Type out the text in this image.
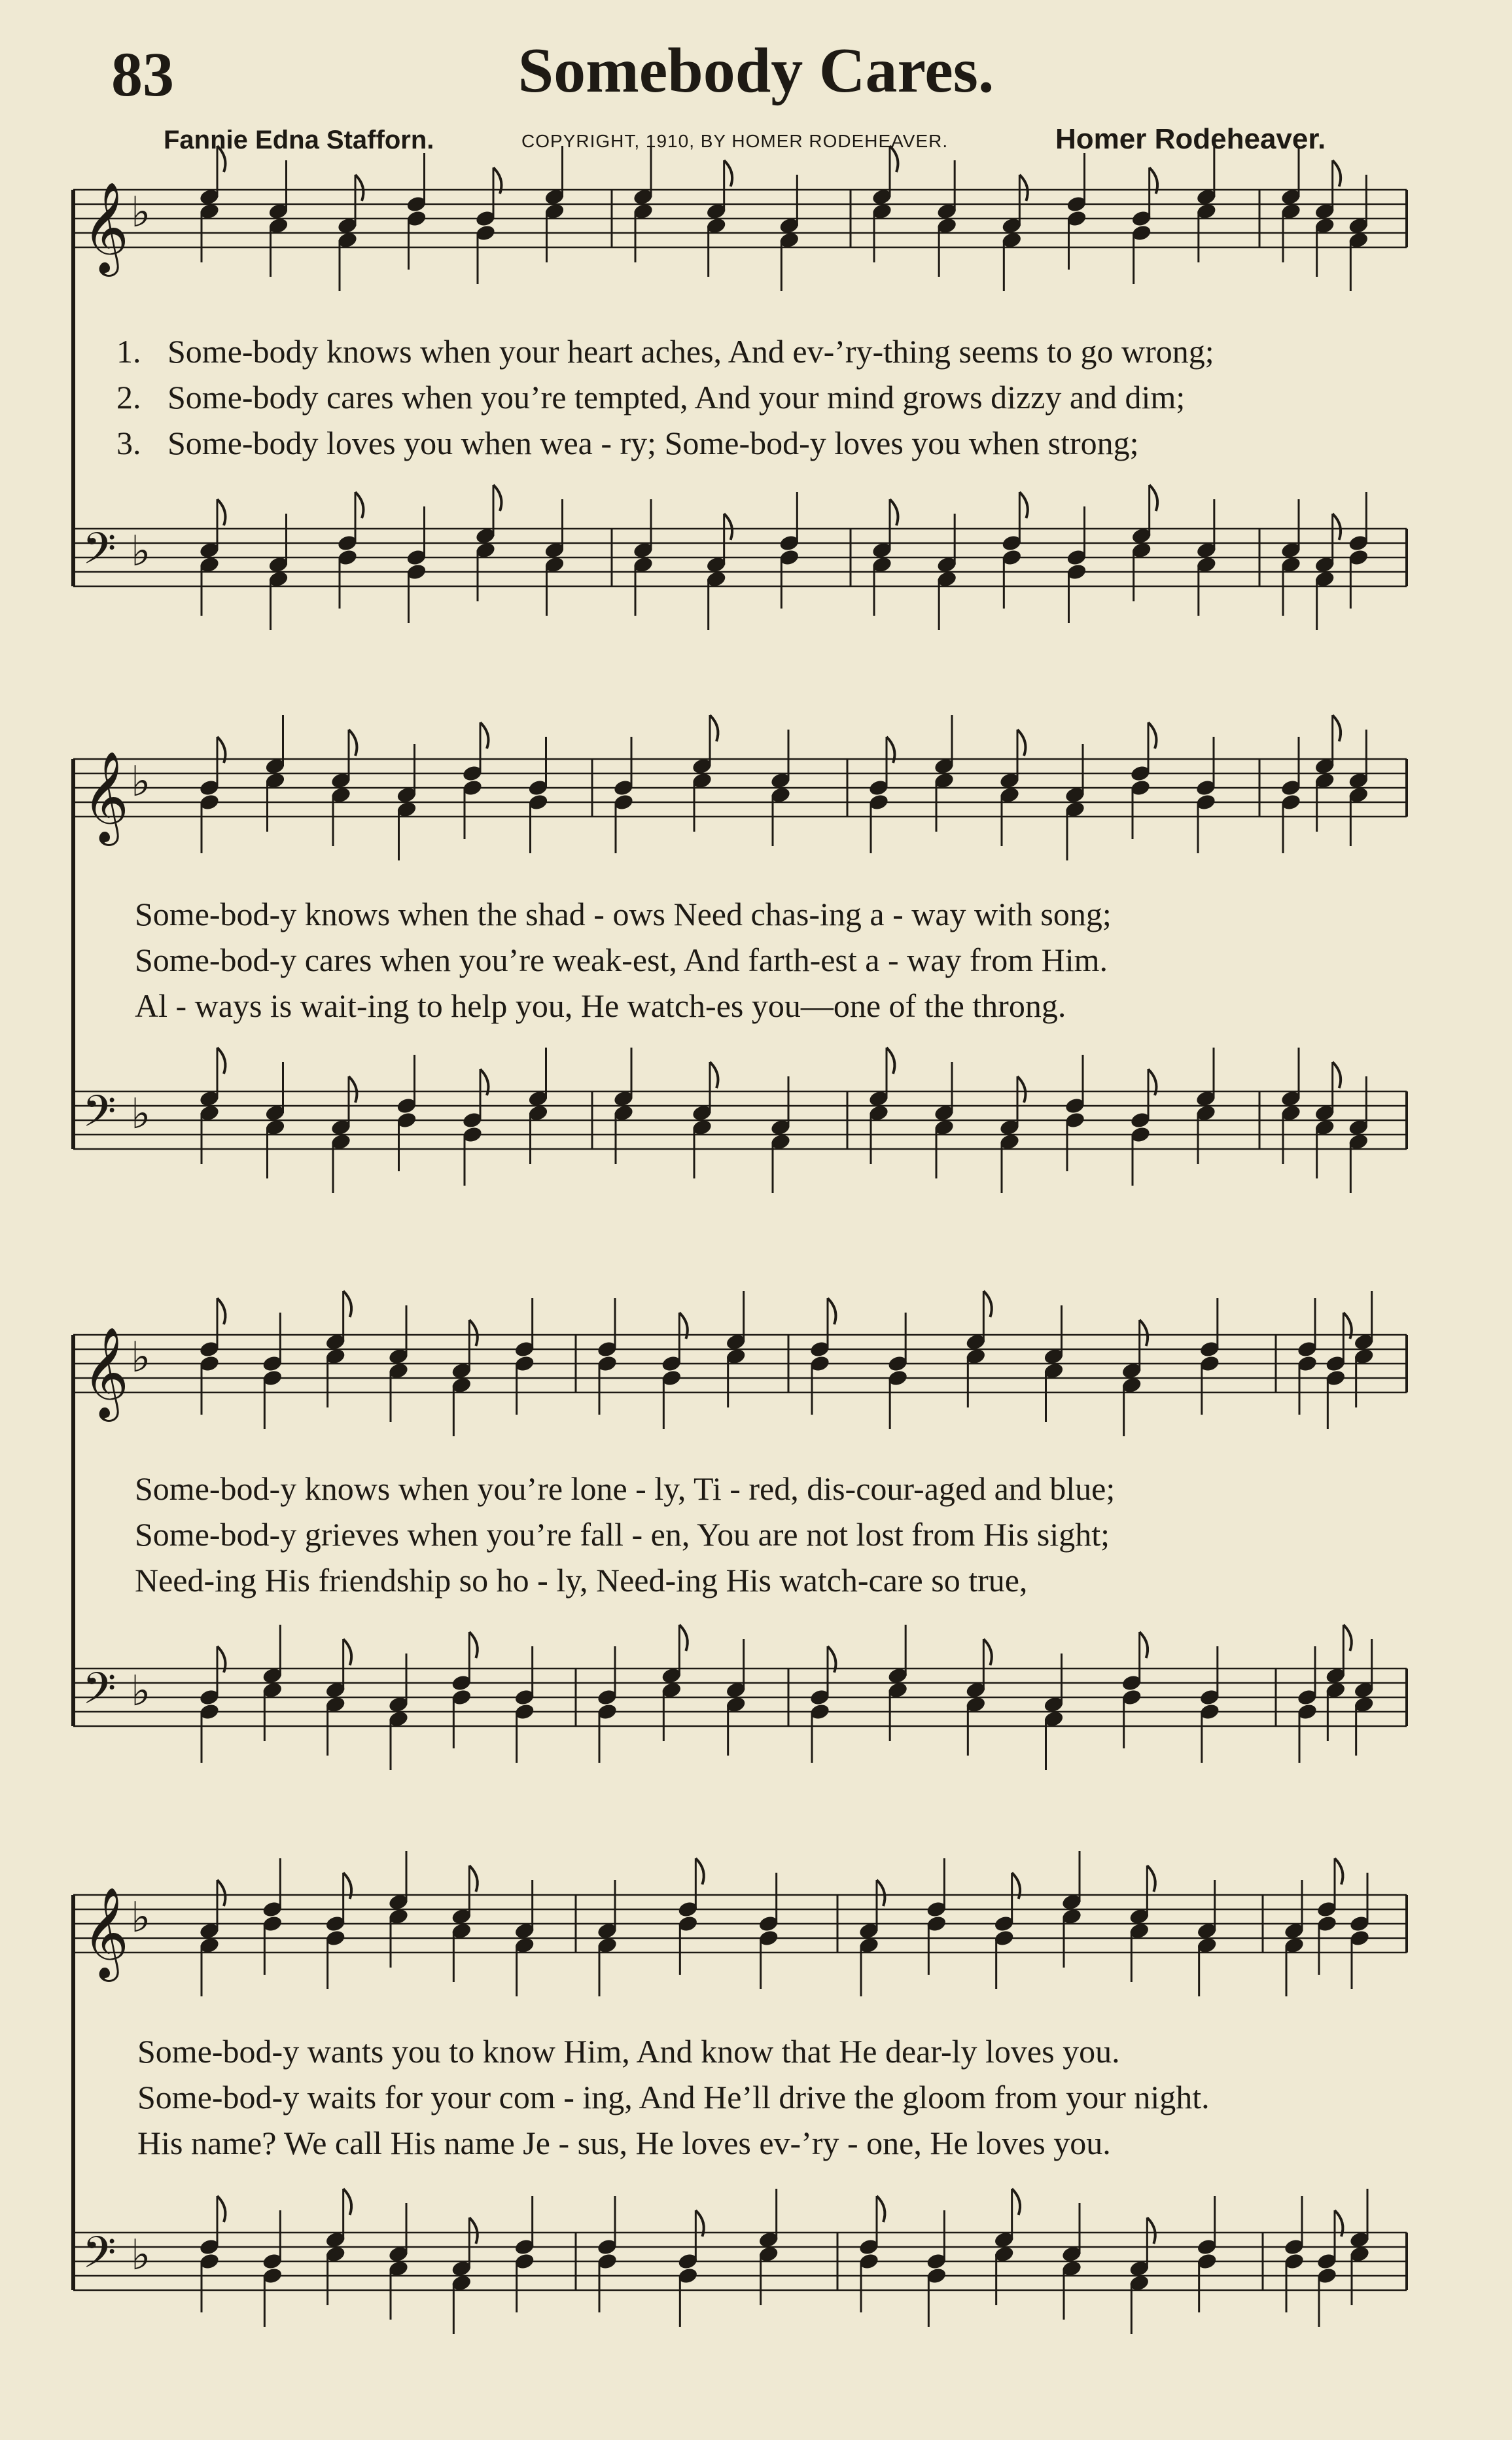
83	Somebody Cares.
Fannie Edna Stafforn.	COPYRIGHT, 1910, BY HOMER RODEHEAVER.	Homer Rodeheaver.
𝄞 ♭
𝄢 ♭
𝄞 ♭
𝄢 ♭
𝄞 ♭
𝄢 ♭
𝄞 ♭
𝄢 ♭
1. Some-body knows when your heart aches, And ev-’ry-thing seems to go wrong;
2. Some-body cares when you’re tempted, And your mind grows dizzy and dim;
3. Some-body loves you when wea - ry; Some-bod-y loves you when strong;
Some-bod-y knows when the shad - ows Need chas-ing a - way with song;
Some-bod-y cares when you’re weak-est, And farth-est a - way from Him.
Al - ways is wait-ing to help you, He watch-es you—one of the throng.
Some-bod-y knows when you’re lone - ly, Ti - red, dis-cour-aged and blue;
Some-bod-y grieves when you’re fall - en, You are not lost from His sight;
Need-ing His friendship so ho - ly, Need-ing His watch-care so true,
Some-bod-y wants you to know Him, And know that He dear-ly loves you.
Some-bod-y waits for your com - ing, And He’ll drive the gloom from your night.
His name? We call His name Je - sus, He loves ev-’ry - one, He loves you.
